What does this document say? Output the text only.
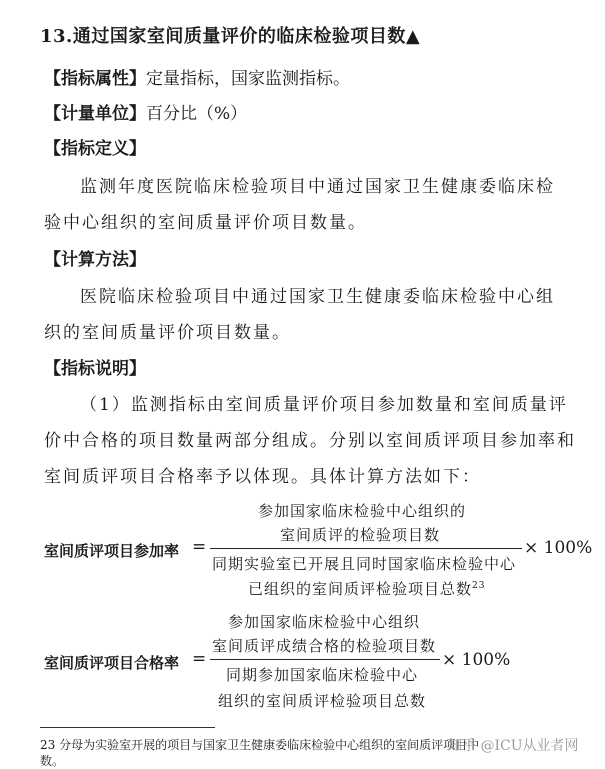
13.通过国家室间质量评价的临床检验项目数▲
【指标属性】定量指标，国家监测指标。
【计量单位】百分比（%）
【指标定义】
监测年度医院临床检验项目中通过国家卫生健康委临床检
验中心组织的室间质量评价项目数量。
【计算方法】
医院临床检验项目中通过国家卫生健康委临床检验中心组
织的室间质量评价项目数量。
【指标说明】
（1）监测指标由室间质量评价项目参加数量和室间质量评
价中合格的项目数量两部分组成。分别以室间质评项目参加率和
室间质评项目合格率予以体现。具体计算方法如下：
室间质评项目参加率 =
参加国家临床检验中心组织的
室间质评的检验项目数
同期实验室已开展且同时国家临床检验中心
已组织的室间质评检验项目总数$^{23}$
× 100%
室间质评项目合格率 =
参加国家临床检验中心组织
室间质评成绩合格的检验项目数
同期参加国家临床检验中心
组织的室间质评检验项目总数
× 100%
23 分母为实验室开展的项目与国家卫生健康委临床检验中心组织的室间质评项目中
数。
知乎 @ICU从业者网
